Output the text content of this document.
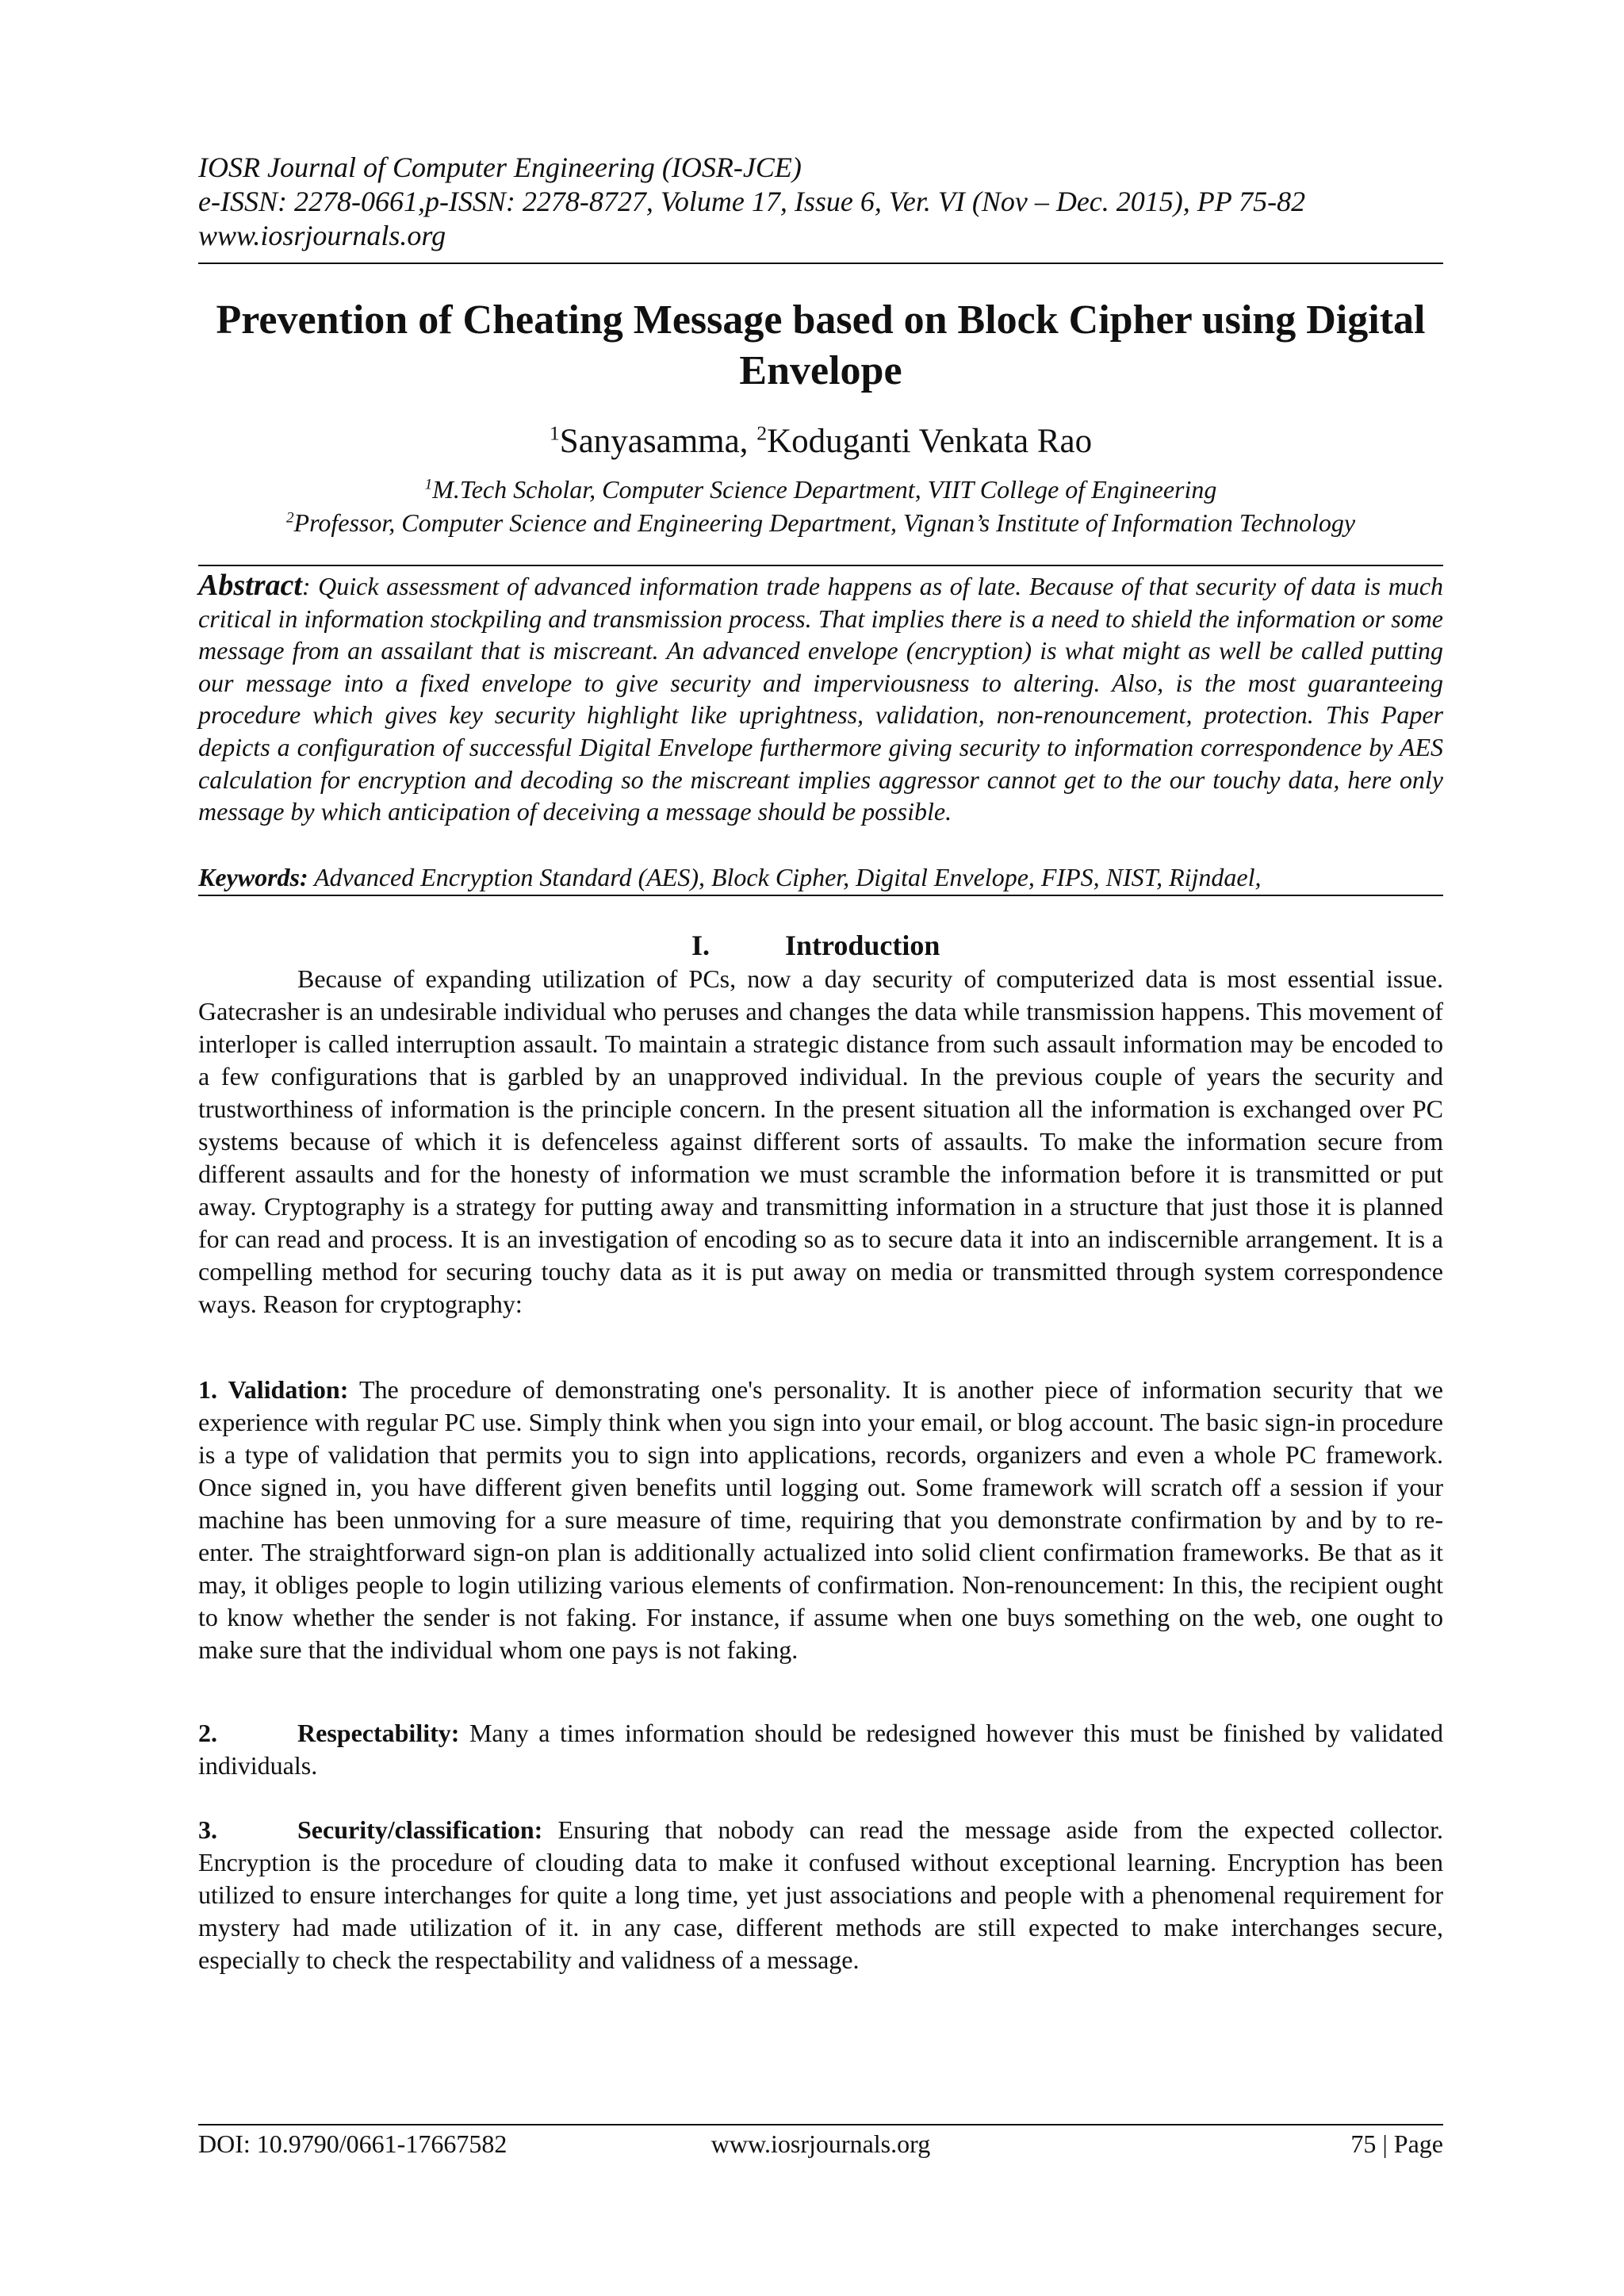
IOSR Journal of Computer Engineering (IOSR-JCE)
e-ISSN: 2278-0661,p-ISSN: 2278-8727, Volume 17, Issue 6, Ver. VI (Nov – Dec. 2015), PP 75-82
www.iosrjournals.org
Prevention of Cheating Message based on Block Cipher using Digital Envelope
$^1$Sanyasamma, $^2$Koduganti Venkata Rao
$^1$M.Tech Scholar, Computer Science Department, VIIT College of Engineering
$^2$Professor, Computer Science and Engineering Department, Vignan’s Institute of Information Technology
Abstract: Quick assessment of advanced information trade happens as of late. Because of that security of data is much critical in information stockpiling and transmission process. That implies there is a need to shield the information or some message from an assailant that is miscreant. An advanced envelope (encryption) is what might as well be called putting our message into a fixed envelope to give security and imperviousness to altering. Also, is the most guaranteeing procedure which gives key security highlight like uprightness, validation, non-renouncement, protection. This Paper depicts a configuration of successful Digital Envelope furthermore giving security to information correspondence by AES calculation for encryption and decoding so the miscreant implies aggressor cannot get to the our touchy data, here only message by which anticipation of deceiving a message should be possible.
Keywords: Advanced Encryption Standard (AES), Block Cipher, Digital Envelope, FIPS, NIST, Rijndael,
I.	Introduction
Because of expanding utilization of PCs, now a day security of computerized data is most essential issue. Gatecrasher is an undesirable individual who peruses and changes the data while transmission happens. This movement of interloper is called interruption assault. To maintain a strategic distance from such assault information may be encoded to a few configurations that is garbled by an unapproved individual. In the previous couple of years the security and trustworthiness of information is the principle concern. In the present situation all the information is exchanged over PC systems because of which it is defenceless against different sorts of assaults. To make the information secure from different assaults and for the honesty of information we must scramble the information before it is transmitted or put away. Cryptography is a strategy for putting away and transmitting information in a structure that just those it is planned for can read and process. It is an investigation of encoding so as to secure data it into an indiscernible arrangement. It is a compelling method for securing touchy data as it is put away on media or transmitted through system correspondence ways. Reason for cryptography:
1. Validation: The procedure of demonstrating one's personality. It is another piece of information security that we experience with regular PC use. Simply think when you sign into your email, or blog account. The basic sign-in procedure is a type of validation that permits you to sign into applications, records, organizers and even a whole PC framework. Once signed in, you have different given benefits until logging out. Some framework will scratch off a session if your machine has been unmoving for a sure measure of time, requiring that you demonstrate confirmation by and by to re-enter. The straightforward sign-on plan is additionally actualized into solid client confirmation frameworks. Be that as it may, it obliges people to login utilizing various elements of confirmation. Non-renouncement: In this, the recipient ought to know whether the sender is not faking. For instance, if assume when one buys something on the web, one ought to make sure that the individual whom one pays is not faking.
2.	Respectability: Many a times information should be redesigned however this must be finished by validated individuals.
3.	Security/classification: Ensuring that nobody can read the message aside from the expected collector. Encryption is the procedure of clouding data to make it confused without exceptional learning. Encryption has been utilized to ensure interchanges for quite a long time, yet just associations and people with a phenomenal requirement for mystery had made utilization of it. in any case, different methods are still expected to make interchanges secure, especially to check the respectability and validness of a message.
www.iosrjournals.org
DOI: 10.9790/0661-17667582	75 | Page
